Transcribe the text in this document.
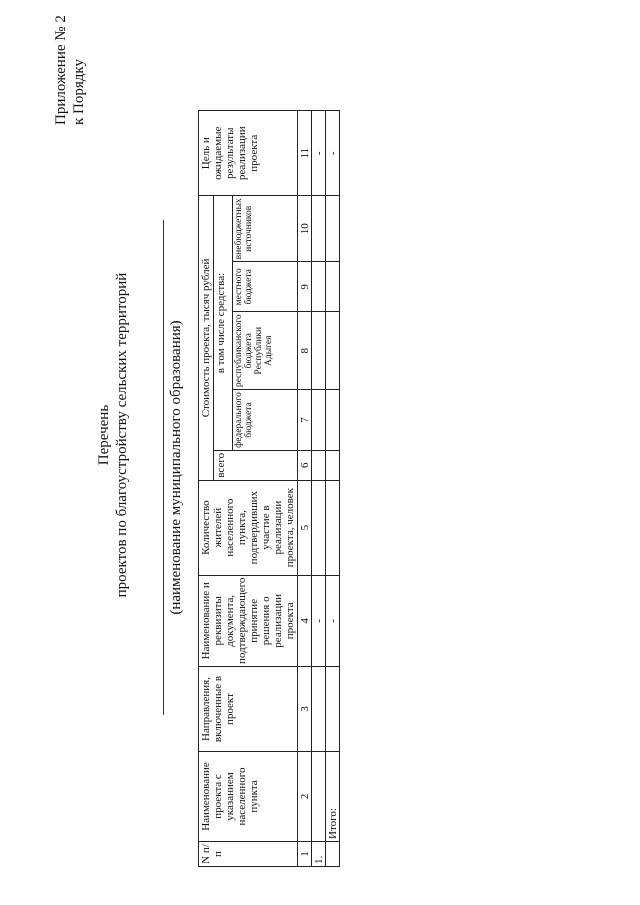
Приложение № 2 к Порядку
Перечень проектов по благоустройству сельских территорий	(наименование муниципального образования)
N п/п	Наименование проекта с указанием населенного пункта	Направления, включенные в проект	Наименование и реквизиты документа, подтверждающего принятие решения о реализации проекта	Количество жителей населенного пункта, подтвердивших участие в реализации проекта, человек	Стоимость проекта, тысяч рублей					Цель и ожидаемые результаты реализации проекта
					всего	в том числе средства:				
						федерального бюджета	республиканского бюджета Республики Адыгея	местного бюджета	внебюджетных источников	
1	2	3	4	5	6	7	8	9	10	11
1.			-							-
	Итого:		-							-
